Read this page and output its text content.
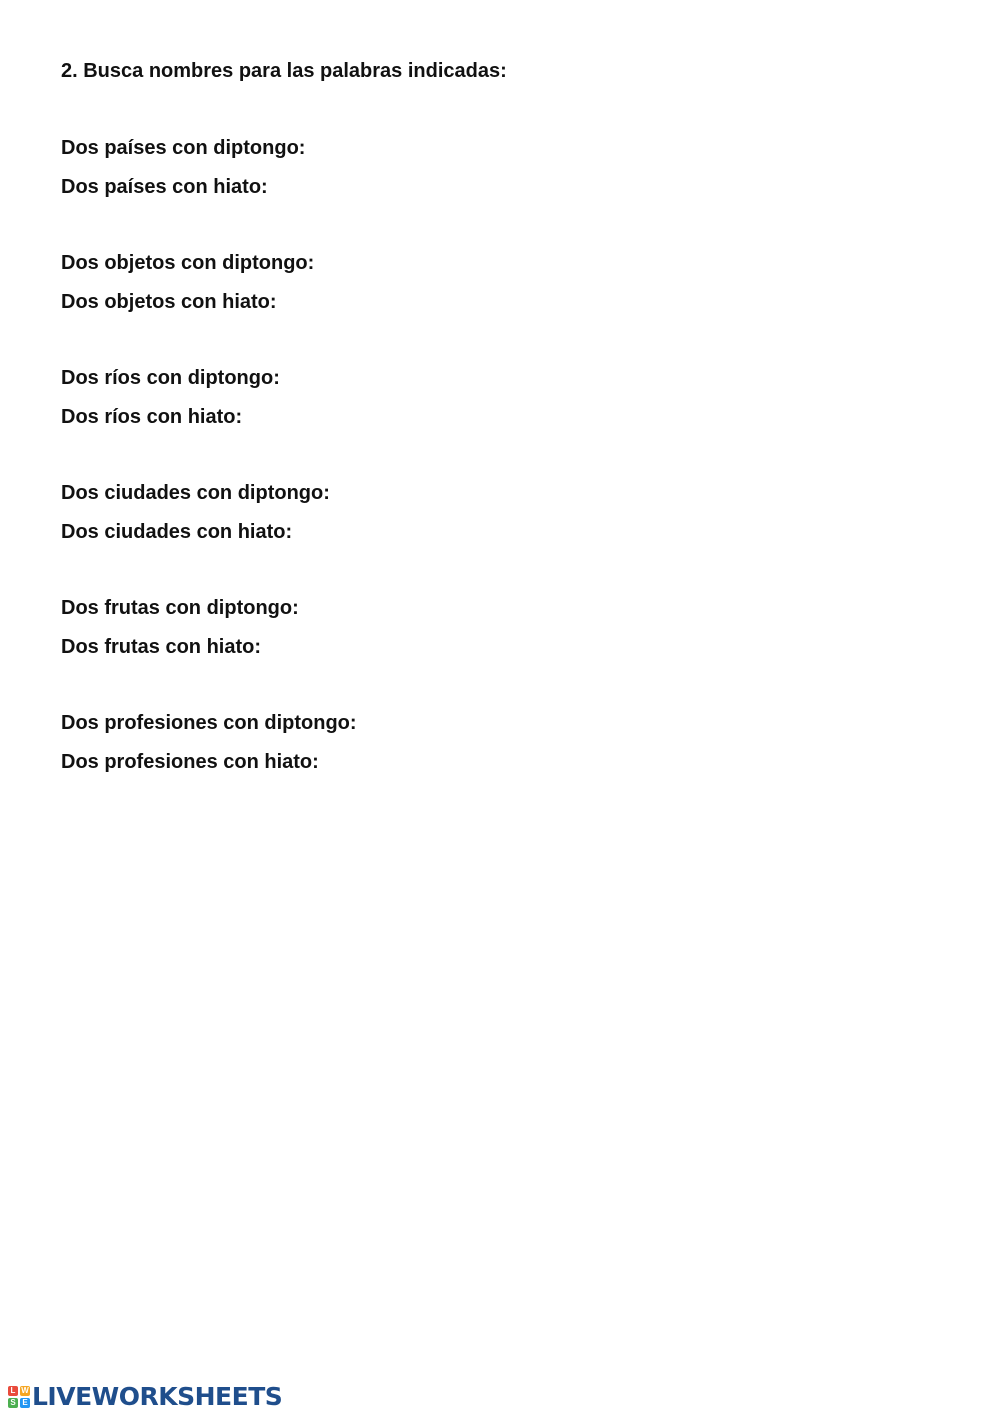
2. Busca nombres para las palabras indicadas:

Dos países con diptongo:
Dos países con hiato:
Dos objetos con diptongo:
Dos objetos con hiato:
Dos ríos con diptongo:
Dos ríos con hiato:
Dos ciudades con diptongo:
Dos ciudades con hiato:
Dos frutas con diptongo:
Dos frutas con hiato:
Dos profesiones con diptongo:
Dos profesiones con hiato:
L W
S E LIVEWORKSHEETS
